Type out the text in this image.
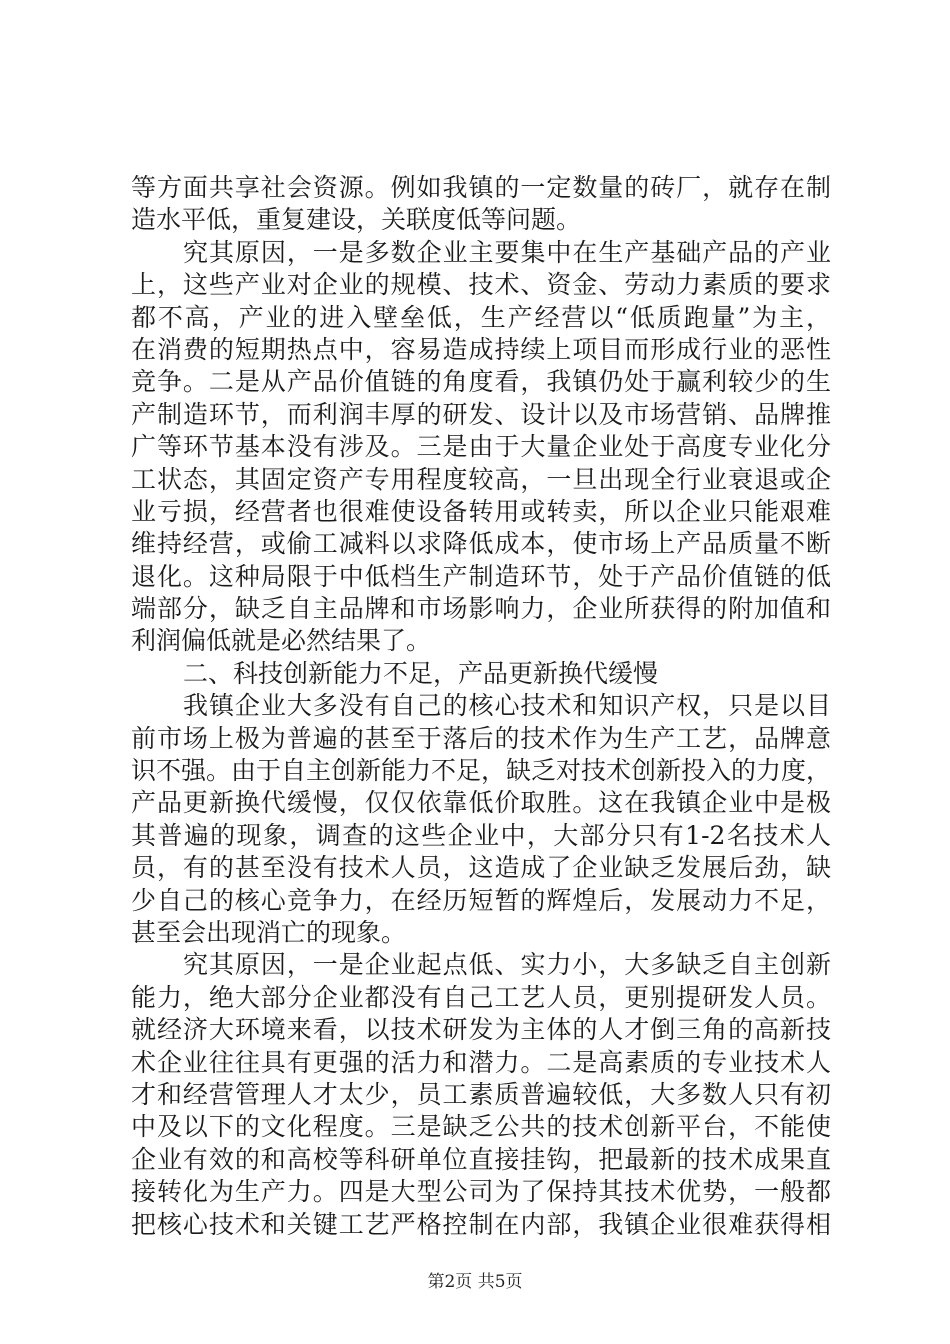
等方面共享社会资源。例如我镇的一定数量的砖厂，就存在制
造水平低，重复建设，关联度低等问题。
究其原因，一是多数企业主要集中在生产基础产品的产业
上，这些产业对企业的规模、技术、资金、劳动力素质的要求
都不高，产业的进入壁垒低，生产经营以“低质跑量”为主，
在消费的短期热点中，容易造成持续上项目而形成行业的恶性
竞争。二是从产品价值链的角度看，我镇仍处于赢利较少的生
产制造环节，而利润丰厚的研发、设计以及市场营销、品牌推
广等环节基本没有涉及。三是由于大量企业处于高度专业化分
工状态，其固定资产专用程度较高，一旦出现全行业衰退或企
业亏损，经营者也很难使设备转用或转卖，所以企业只能艰难
维持经营，或偷工减料以求降低成本，使市场上产品质量不断
退化。这种局限于中低档生产制造环节，处于产品价值链的低
端部分，缺乏自主品牌和市场影响力，企业所获得的附加值和
利润偏低就是必然结果了。
二、科技创新能力不足，产品更新换代缓慢
我镇企业大多没有自己的核心技术和知识产权，只是以目
前市场上极为普遍的甚至于落后的技术作为生产工艺，品牌意
识不强。由于自主创新能力不足，缺乏对技术创新投入的力度，
产品更新换代缓慢，仅仅依靠低价取胜。这在我镇企业中是极
其普遍的现象，调查的这些企业中，大部分只有1-2名技术人
员，有的甚至没有技术人员，这造成了企业缺乏发展后劲，缺
少自己的核心竞争力，在经历短暂的辉煌后，发展动力不足，
甚至会出现消亡的现象。
究其原因，一是企业起点低、实力小，大多缺乏自主创新
能力，绝大部分企业都没有自己工艺人员，更别提研发人员。
就经济大环境来看，以技术研发为主体的人才倒三角的高新技
术企业往往具有更强的活力和潜力。二是高素质的专业技术人
才和经营管理人才太少，员工素质普遍较低，大多数人只有初
中及以下的文化程度。三是缺乏公共的技术创新平台，不能使
企业有效的和高校等科研单位直接挂钩，把最新的技术成果直
接转化为生产力。四是大型公司为了保持其技术优势，一般都
把核心技术和关键工艺严格控制在内部，我镇企业很难获得相
第2页 共5页
